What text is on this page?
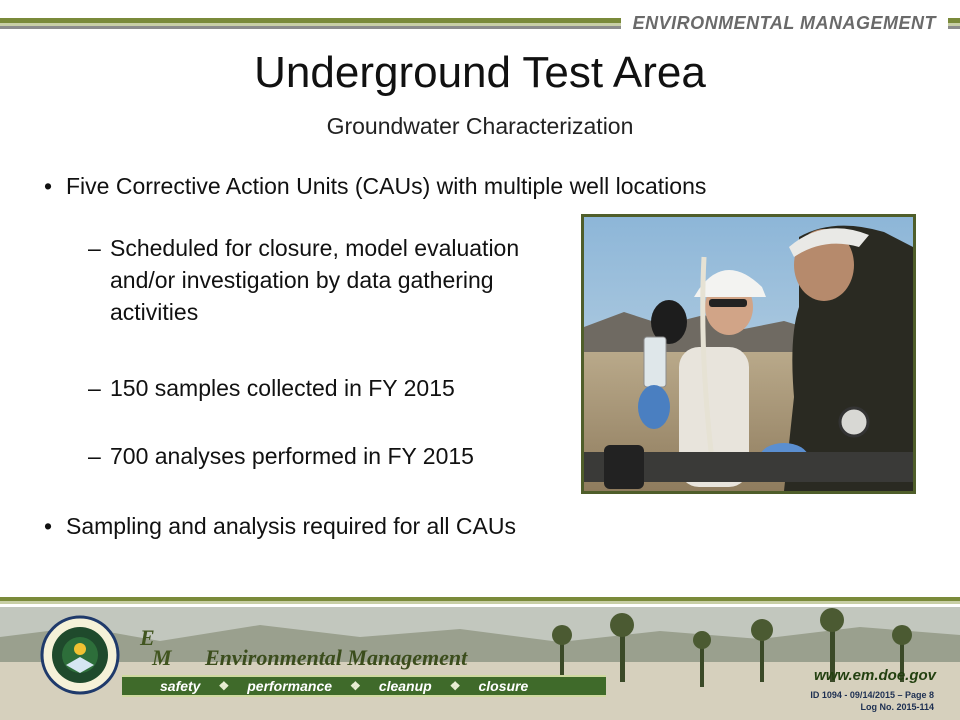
ENVIRONMENTAL MANAGEMENT
Underground Test Area
Groundwater Characterization
• Five Corrective Action Units (CAUs) with multiple well locations
– Scheduled for closure, model evaluation and/or investigation by data gathering activities
– 150 samples collected in FY 2015
– 700 analyses performed in FY 2015
• Sampling and analysis required for all CAUs
E
M Environmental Management
safety ❖ performance ❖ cleanup ❖ closure
www.em.doe.gov
ID 1094 - 09/14/2015 – Page 8
Log No. 2015-114
